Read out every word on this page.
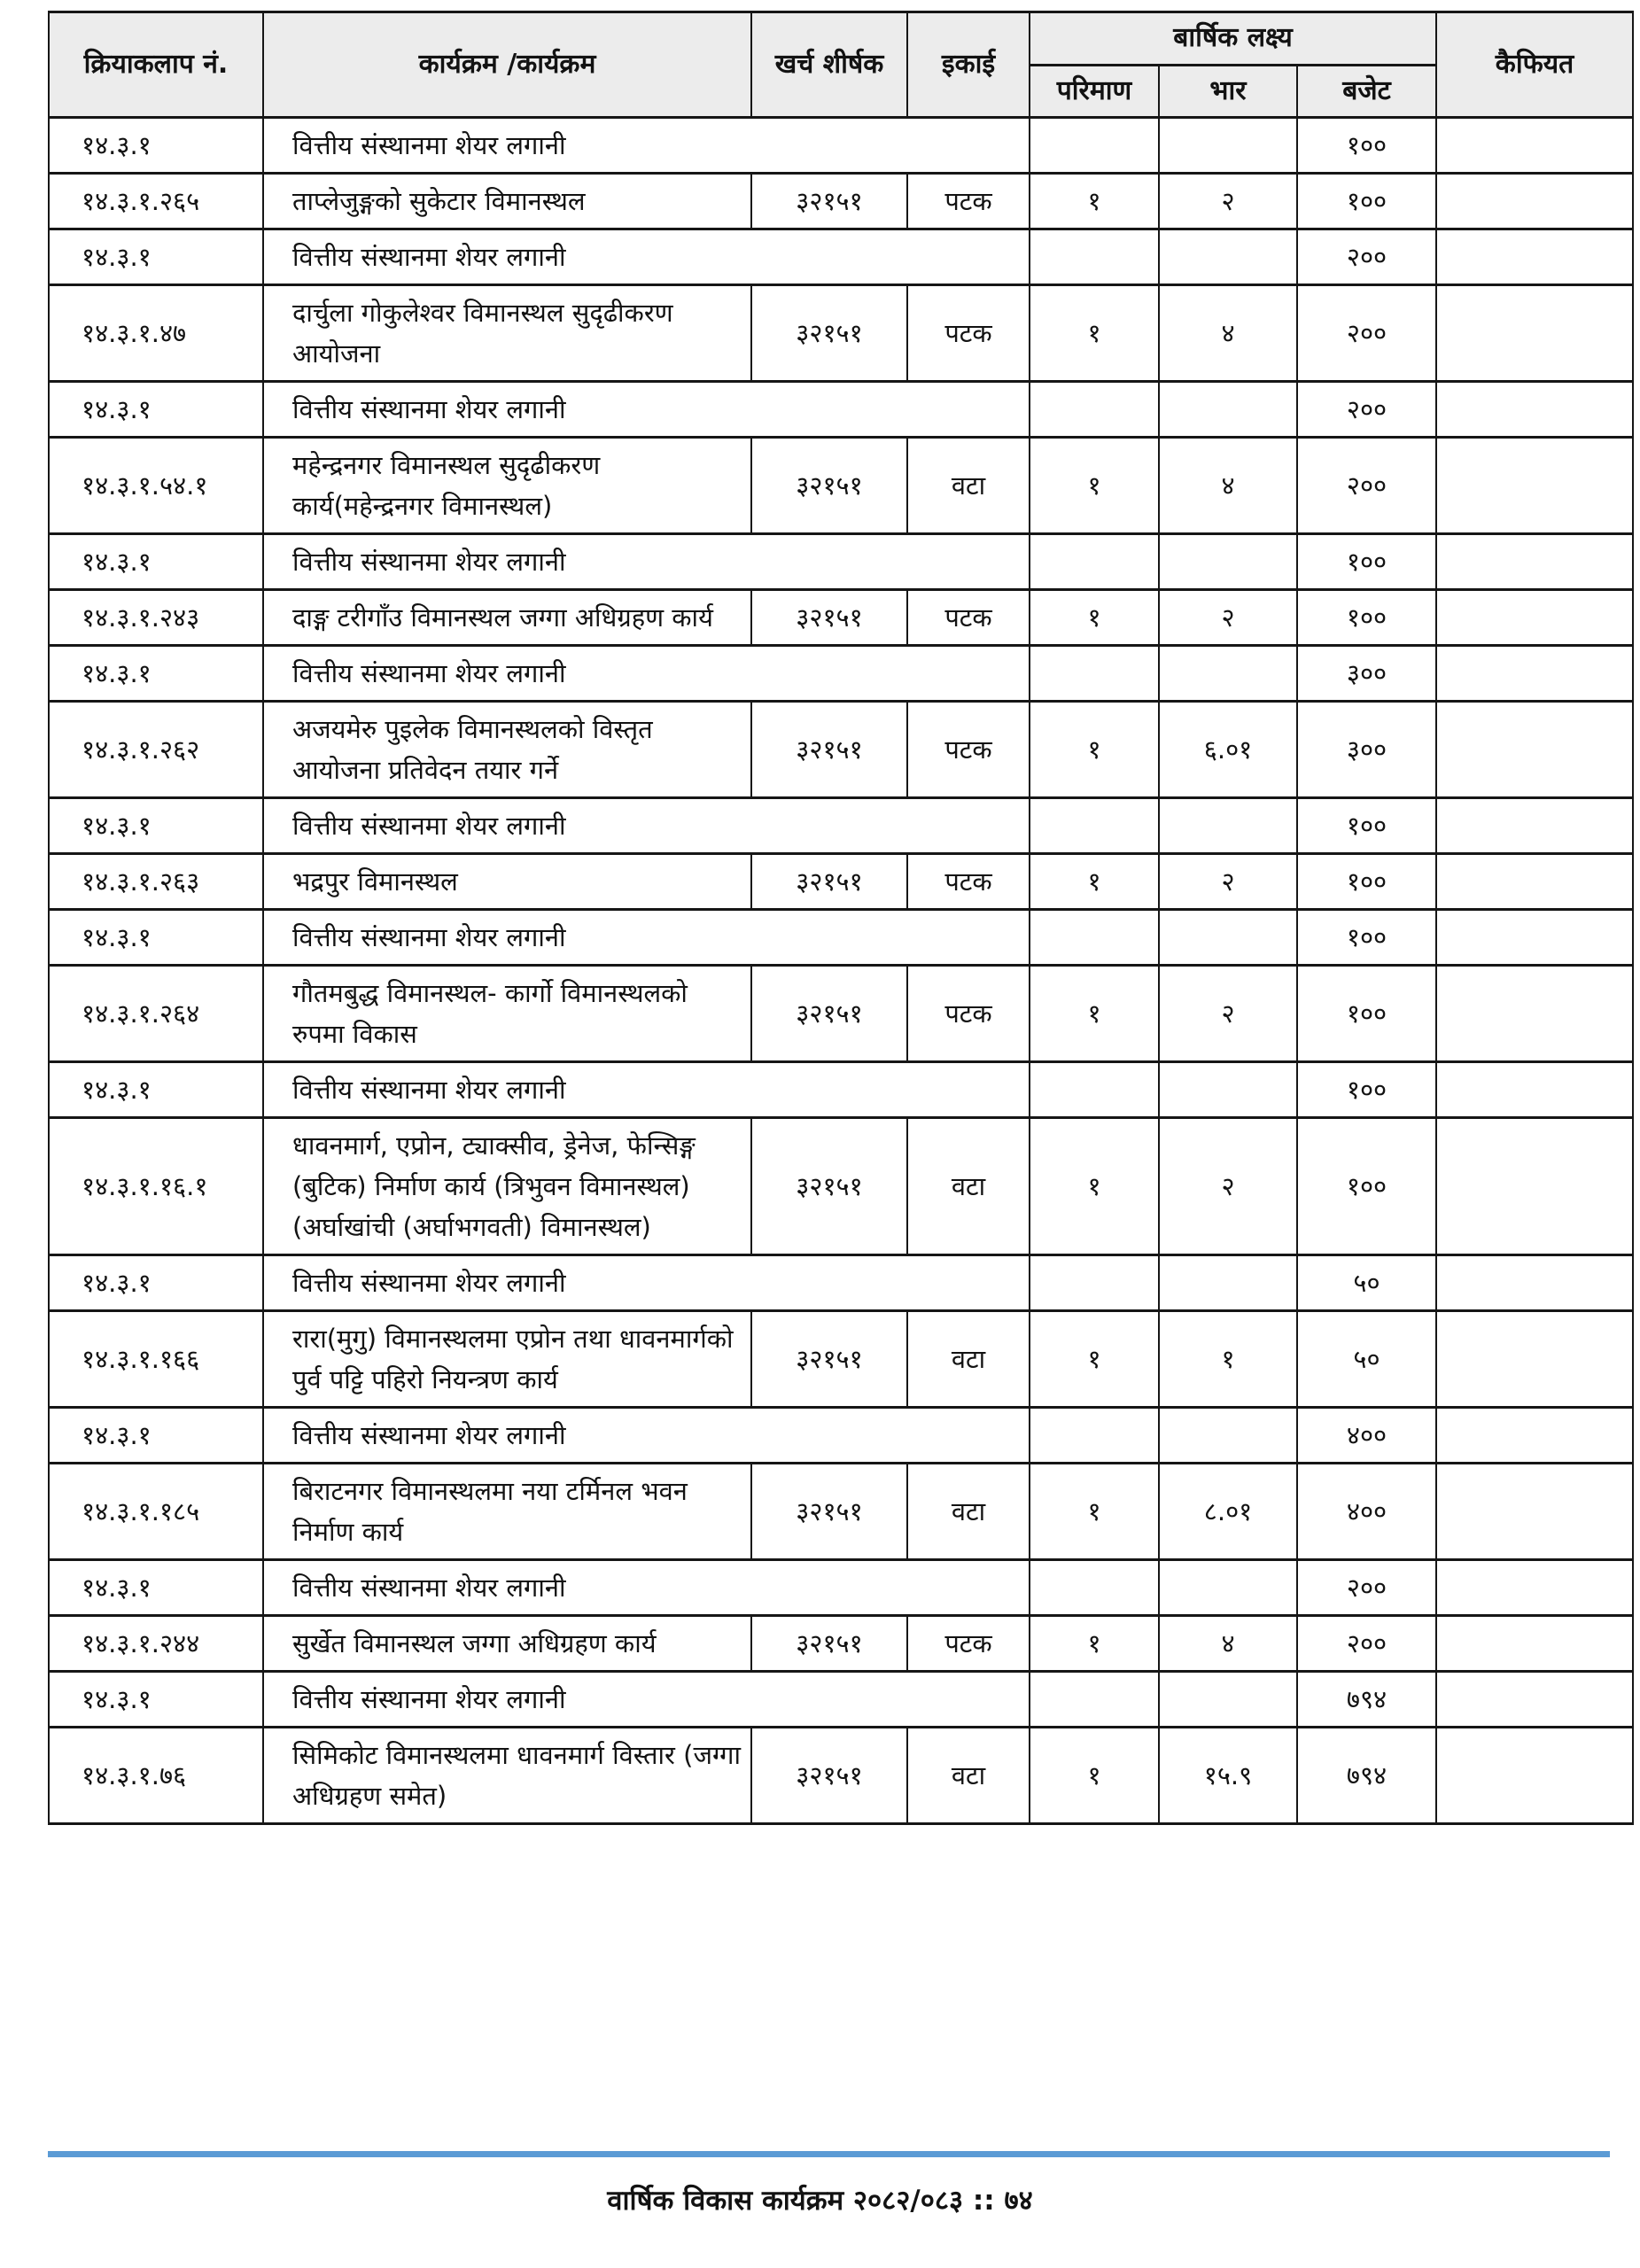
क्रियाकलाप नं.	कार्यक्रम /कार्यक्रम	खर्च शीर्षक	इकाई	बार्षिक लक्ष्य			कैफियत
				परिमाण	भार	बजेट	
१४.३.१	वित्तीय संस्थानमा शेयर लगानी					१००	
१४.३.१.२६५	ताप्लेजुङ्गको सुकेटार विमानस्थल	३२१५१	पटक	१	२	१००	
१४.३.१	वित्तीय संस्थानमा शेयर लगानी					२००	
१४.३.१.४७	दार्चुला गोकुलेश्वर विमानस्थल सुदृढीकरण आयोजना	३२१५१	पटक	१	४	२००	
१४.३.१	वित्तीय संस्थानमा शेयर लगानी					२००	
१४.३.१.५४.१	महेन्द्रनगर विमानस्थल सुदृढीकरण कार्य(महेन्द्रनगर विमानस्थल)	३२१५१	वटा	१	४	२००	
१४.३.१	वित्तीय संस्थानमा शेयर लगानी					१००	
१४.३.१.२४३	दाङ्ग टरीगाँउ विमानस्थल जग्गा अधिग्रहण कार्य	३२१५१	पटक	१	२	१००	
१४.३.१	वित्तीय संस्थानमा शेयर लगानी					३००	
१४.३.१.२६२	अजयमेरु पुइलेक विमानस्थलको विस्तृत आयोजना प्रतिवेदन तयार गर्ने	३२१५१	पटक	१	६.०१	३००	
१४.३.१	वित्तीय संस्थानमा शेयर लगानी					१००	
१४.३.१.२६३	भद्रपुर विमानस्थल	३२१५१	पटक	१	२	१००	
१४.३.१	वित्तीय संस्थानमा शेयर लगानी					१००	
१४.३.१.२६४	गौतमबुद्ध विमानस्थल- कार्गो विमानस्थलको रुपमा विकास	३२१५१	पटक	१	२	१००	
१४.३.१	वित्तीय संस्थानमा शेयर लगानी					१००	
१४.३.१.१६.१	धावनमार्ग, एप्रोन, ट्याक्सीव, ड्रेनेज, फेन्सिङ्ग (बुटिक) निर्माण कार्य (त्रिभुवन विमानस्थल)(अर्घाखांची (अर्घाभगवती) विमानस्थल)	३२१५१	वटा	१	२	१००	
१४.३.१	वित्तीय संस्थानमा शेयर लगानी					५०	
१४.३.१.१६६	रारा(मुगु) विमानस्थलमा एप्रोन तथा धावनमार्गको पुर्व पट्टि पहिरो नियन्त्रण कार्य	३२१५१	वटा	१	१	५०	
१४.३.१	वित्तीय संस्थानमा शेयर लगानी					४००	
१४.३.१.१८५	बिराटनगर विमानस्थलमा नया टर्मिनल भवन निर्माण कार्य	३२१५१	वटा	१	८.०१	४००	
१४.३.१	वित्तीय संस्थानमा शेयर लगानी					२००	
१४.३.१.२४४	सुर्खेत विमानस्थल जग्गा अधिग्रहण कार्य	३२१५१	पटक	१	४	२००	
१४.३.१	वित्तीय संस्थानमा शेयर लगानी					७९४	
१४.३.१.७६	सिमिकोट विमानस्थलमा धावनमार्ग विस्तार (जग्गा अधिग्रहण समेत)	३२१५१	वटा	१	१५.९	७९४	
वार्षिक विकास कार्यक्रम २०८२/०८३ :: ७४
